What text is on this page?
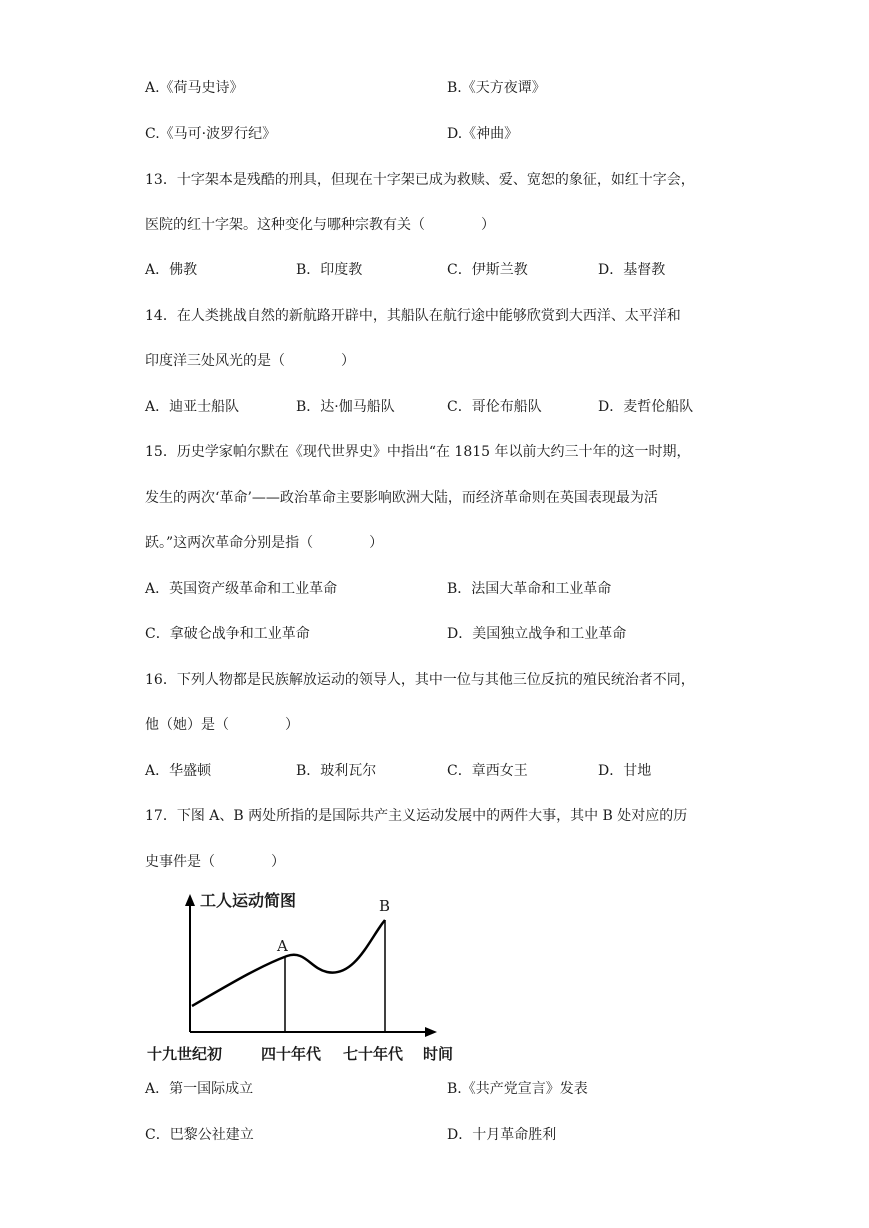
A.《荷马史诗》	B.《天方夜谭》
C.《马可·波罗行纪》	D.《神曲》
13．十字架本是残酷的刑具，但现在十字架已成为救赎、爱、宽恕的象征，如红十字会，
医院的红十字架。这种变化与哪种宗教有关（　　　　）
A．佛教	B．印度教	C．伊斯兰教	D．基督教
14．在人类挑战自然的新航路开辟中，其船队在航行途中能够欣赏到大西洋、太平洋和
印度洋三处风光的是（　　　　）
A．迪亚士船队	B．达·伽马船队	C．哥伦布船队	D．麦哲伦船队
15．历史学家帕尔默在《现代世界史》中指出“在 1815 年以前大约三十年的这一时期，
发生的两次‘革命’——政治革命主要影响欧洲大陆，而经济革命则在英国表现最为活
跃。”这两次革命分别是指（　　　　）
A．英国资产级革命和工业革命	B．法国大革命和工业革命
C．拿破仑战争和工业革命	D．美国独立战争和工业革命
16．下列人物都是民族解放运动的领导人，其中一位与其他三位反抗的殖民统治者不同，
他（她）是（　　　　）
A．华盛顿	B．玻利瓦尔	C．章西女王	D．甘地
17．下图 A、B 两处所指的是国际共产主义运动发展中的两件大事，其中 B 处对应的历
史事件是（　　　　）
工人运动简图
A
B
十九世纪初	四十年代 七十年代 时间
A．第一国际成立	B.《共产党宣言》发表
C．巴黎公社建立	D．十月革命胜利
